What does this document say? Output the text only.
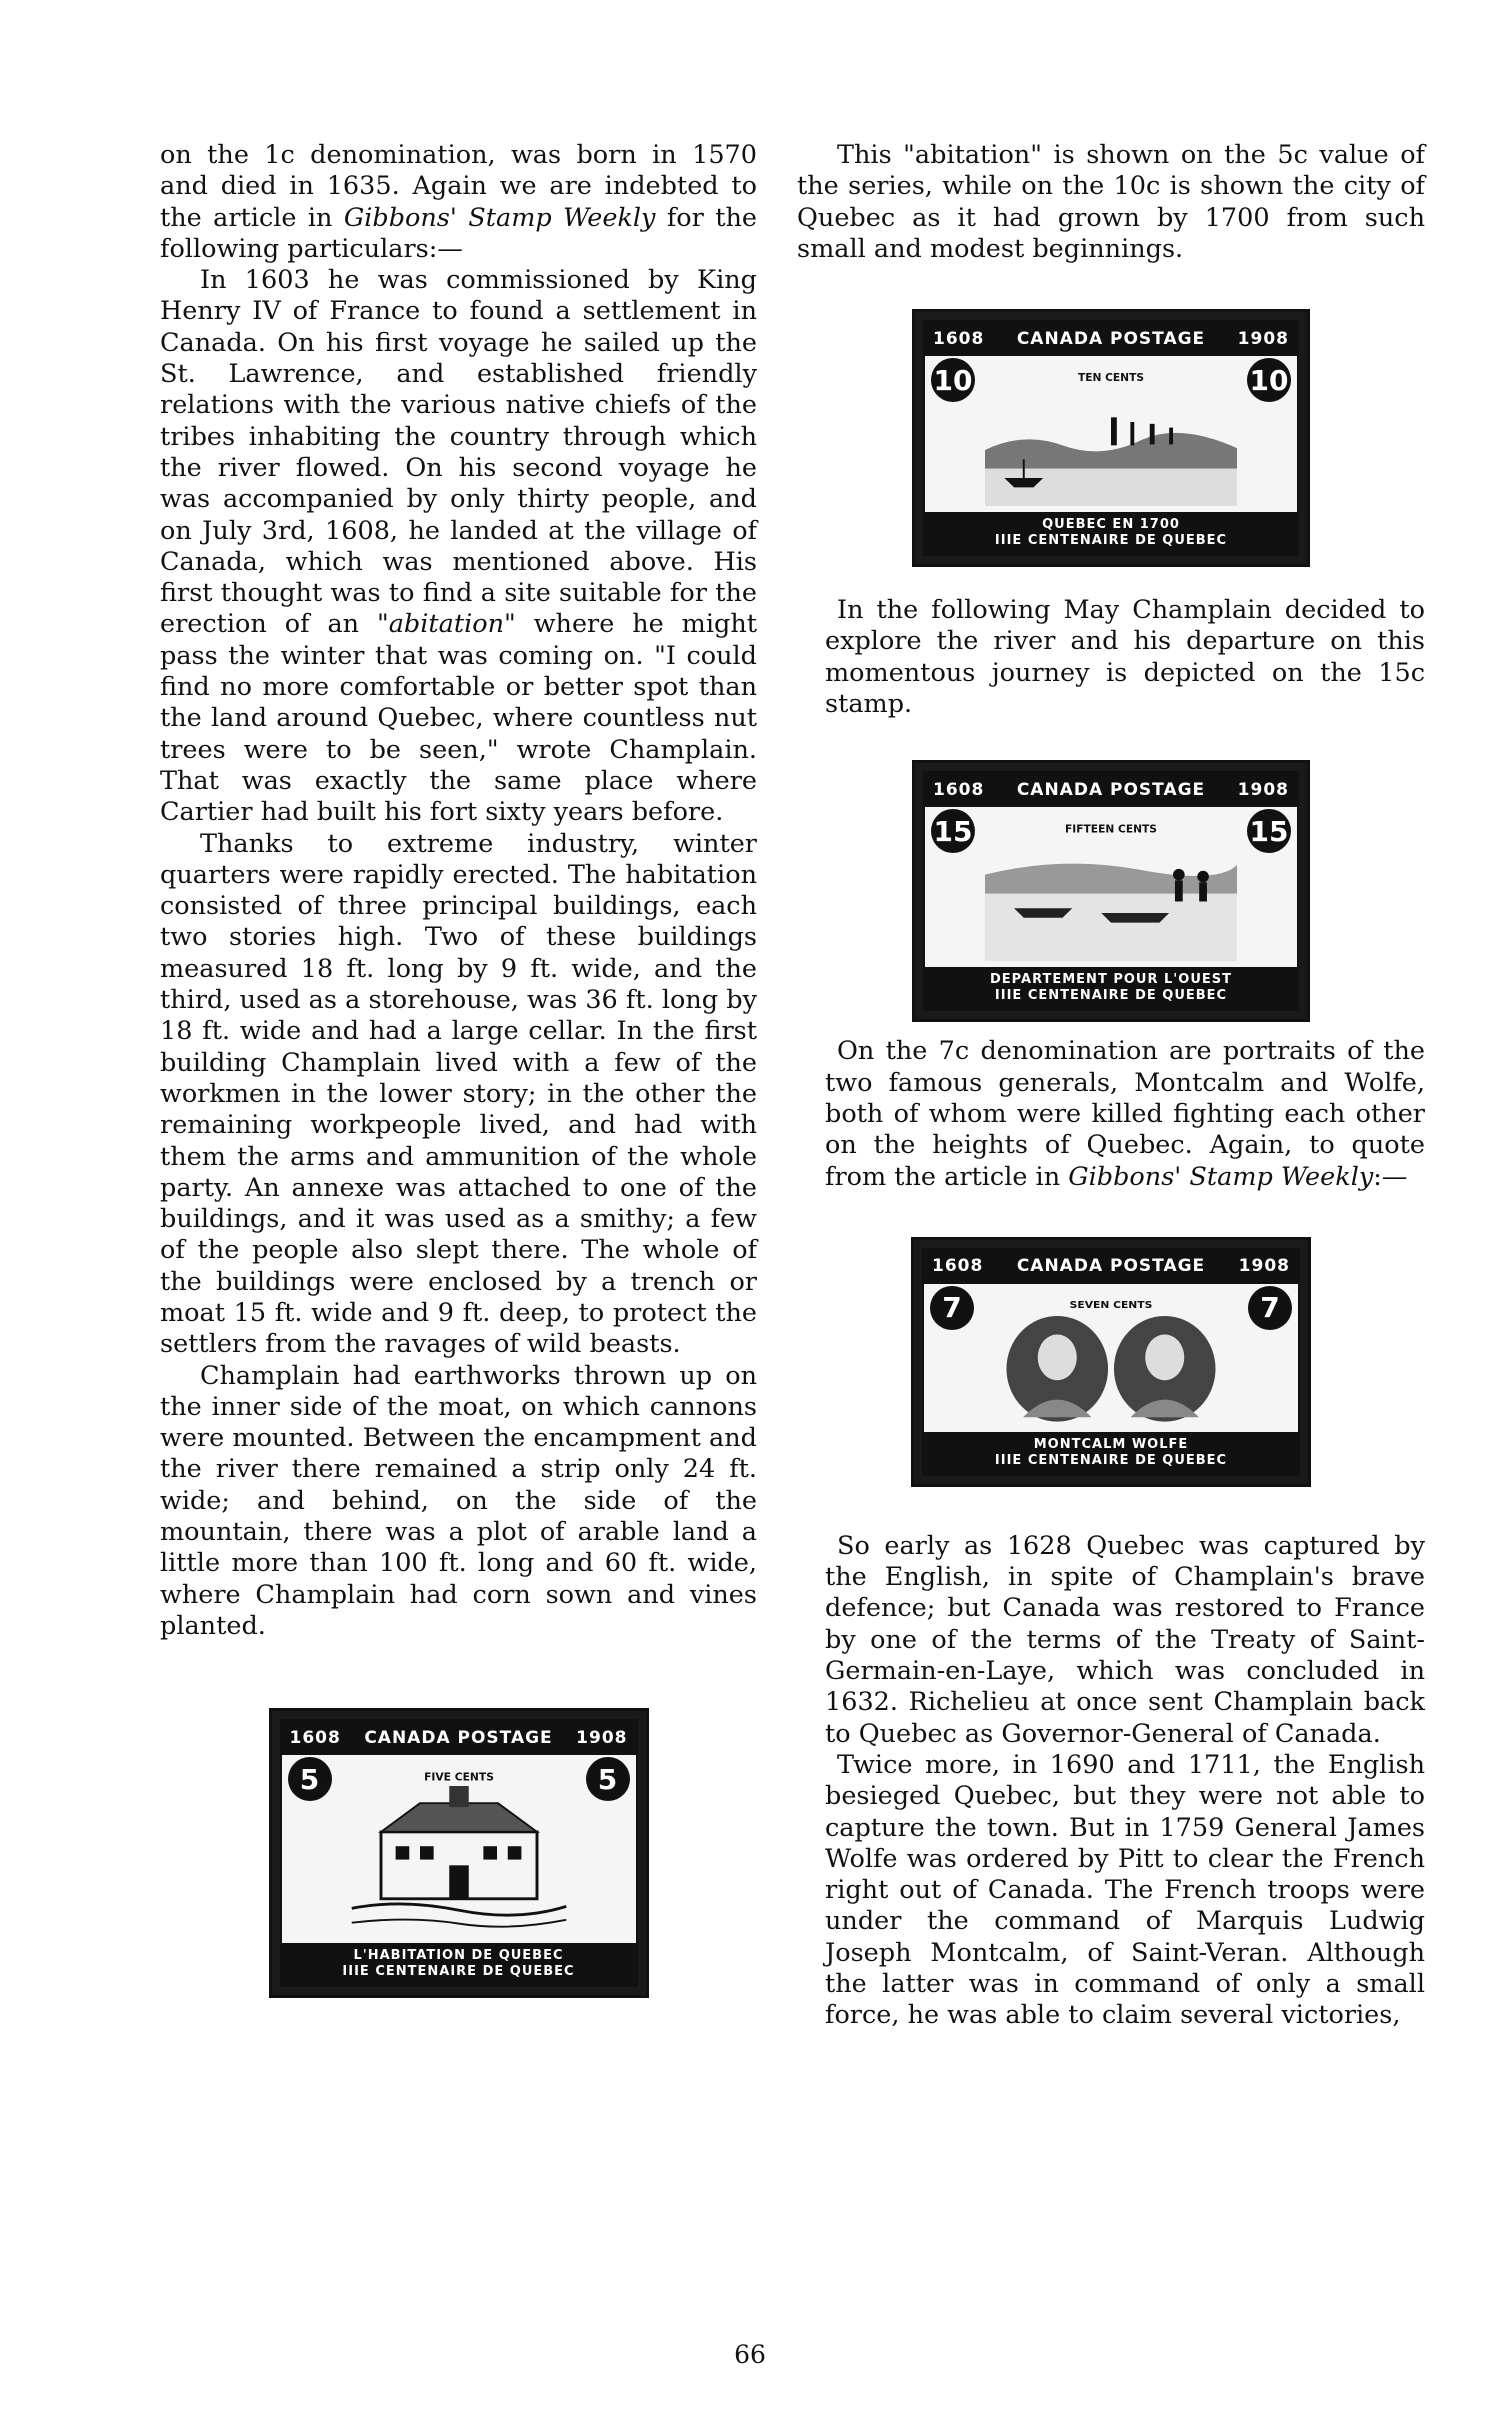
on the 1c denomination, was born in 1570 and died in 1635. Again we are indebted to the article in Gibbons' Stamp Weekly for the following particulars:—

In 1603 he was commissioned by King Henry IV of France to found a settlement in Canada. On his first voyage he sailed up the St. Lawrence, and established friendly relations with the various native chiefs of the tribes inhabiting the country through which the river flowed. On his second voyage he was accompanied by only thirty people, and on July 3rd, 1608, he landed at the village of Canada, which was mentioned above. His first thought was to find a site suitable for the erection of an "abitation" where he might pass the winter that was coming on. "I could find no more comfortable or better spot than the land around Quebec, where countless nut trees were to be seen," wrote Champlain. That was exactly the same place where Cartier had built his fort sixty years before.

Thanks to extreme industry, winter quarters were rapidly erected. The habitation consisted of three principal buildings, each two stories high. Two of these buildings measured 18 ft. long by 9 ft. wide, and the third, used as a storehouse, was 36 ft. long by 18 ft. wide and had a large cellar. In the first building Champlain lived with a few of the workmen in the lower story; in the other the remaining workpeople lived, and had with them the arms and ammunition of the whole party. An annexe was attached to one of the buildings, and it was used as a smithy; a few of the people also slept there. The whole of the buildings were enclosed by a trench or moat 15 ft. wide and 9 ft. deep, to protect the settlers from the ravages of wild beasts.

Champlain had earthworks thrown up on the inner side of the moat, on which cannons were mounted. Between the encampment and the river there remained a strip only 24 ft. wide; and behind, on the side of the mountain, there was a plot of arable land a little more than 100 ft. long and 60 ft. wide, where Champlain had corn sown and vines planted.

1608 CANADA POSTAGE 1908
5	5
FIVE CENTS
L'HABITATION DE QUEBEC
IIIE CENTENAIRE DE QUEBEC

This "abitation" is shown on the 5c value of the series, while on the 10c is shown the city of Quebec as it had grown by 1700 from such small and modest beginnings.

1608 CANADA POSTAGE 1908
10	10
TEN CENTS
QUEBEC EN 1700
IIIE CENTENAIRE DE QUEBEC

In the following May Champlain decided to explore the river and his departure on this momentous journey is depicted on the 15c stamp.

1608 CANADA POSTAGE 1908
15	15
FIFTEEN CENTS
DEPARTEMENT POUR L'OUEST
IIIE CENTENAIRE DE QUEBEC

On the 7c denomination are portraits of the two famous generals, Montcalm and Wolfe, both of whom were killed fighting each other on the heights of Quebec. Again, to quote from the article in Gibbons' Stamp Weekly:—

1608 CANADA POSTAGE 1908
7	7
SEVEN CENTS
MONTCALM WOLFE
IIIE CENTENAIRE DE QUEBEC

So early as 1628 Quebec was captured by the English, in spite of Champlain's brave defence; but Canada was restored to France by one of the terms of the Treaty of Saint-Germain-en-Laye, which was concluded in 1632. Richelieu at once sent Champlain back to Quebec as Governor-General of Canada.

Twice more, in 1690 and 1711, the English besieged Quebec, but they were not able to capture the town. But in 1759 General James Wolfe was ordered by Pitt to clear the French right out of Canada. The French troops were under the command of Marquis Ludwig Joseph Montcalm, of Saint-Veran. Although the latter was in command of only a small force, he was able to claim several victories,

66
